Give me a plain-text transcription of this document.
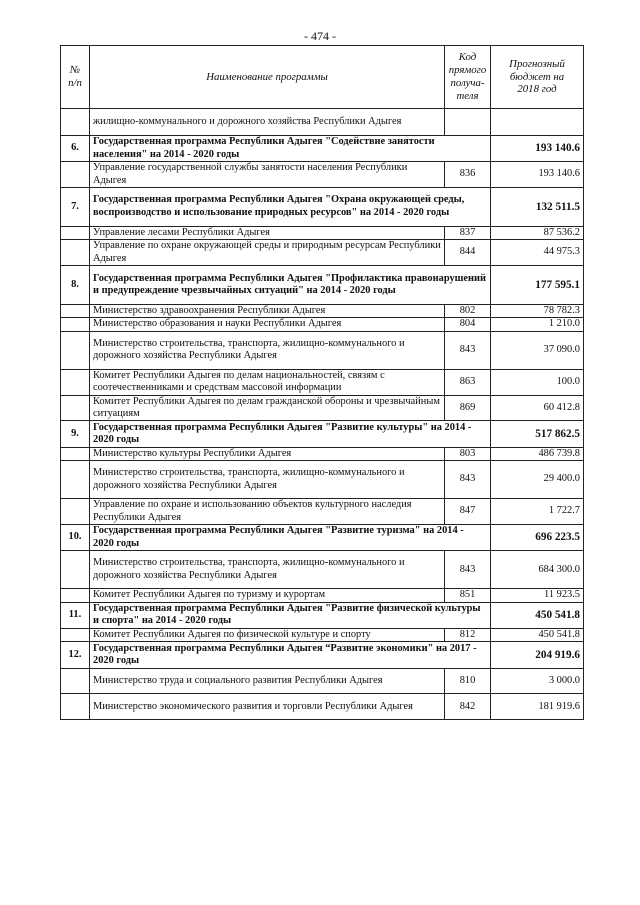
- 474 -
№
п/п	Наименование программы	Код
прямого
получа-
теля	Прогнозный
бюджет на
2018 год
	жилищно-коммунального и дорожного хозяйства Республики Адыгея		
6.	Государственная программа Республики Адыгея "Содействие занятости населения" на 2014 - 2020 годы		193 140.6
	Управление государственной службы занятости населения Республики Адыгея	836	193 140.6
7.	Государственная программа Республики Адыгея "Охрана окружающей среды, воспроизводство и использование природных ресурсов" на 2014 - 2020 годы		132 511.5
	Управление лесами Республики Адыгея	837	87 536.2
	Управление по охране окружающей среды и природным ресурсам Республики Адыгея	844	44 975.3
8.	Государственная программа Республики Адыгея "Профилактика правонарушений и предупреждение чрезвычайных ситуаций" на 2014 - 2020 годы		177 595.1
	Министерство здравоохранения Республики Адыгея	802	78 782.3
	Министерство образования и науки Республики Адыгея	804	1 210.0
	Министерство строительства, транспорта, жилищно-коммунального и дорожного хозяйства Республики Адыгея	843	37 090.0
	Комитет Республики Адыгея по делам национальностей, связям с соотечественниками и средствам массовой информации	863	100.0
	Комитет Республики Адыгея по делам гражданской обороны и чрезвычайным ситуациям	869	60 412.8
9.	Государственная программа Республики Адыгея "Развитие культуры" на 2014 - 2020 годы		517 862.5
	Министерство культуры Республики Адыгея	803	486 739.8
	Министерство строительства, транспорта, жилищно-коммунального и дорожного хозяйства Республики Адыгея	843	29 400.0
	Управление по охране и использованию объектов культурного наследия Республики Адыгея	847	1 722.7
10.	Государственная программа Республики Адыгея "Развитие туризма" на 2014 - 2020 годы		696 223.5
	Министерство строительства, транспорта, жилищно-коммунального и дорожного хозяйства Республики Адыгея	843	684 300.0
	Комитет Республики Адыгея по туризму и курортам	851	11 923.5
11.	Государственная программа Республики Адыгея "Развитие физической культуры и спорта" на 2014 - 2020 годы		450 541.8
	Комитет Республики Адыгея по физической культуре и спорту	812	450 541.8
12.	Государственная программа Республики Адыгея “Развитие экономики" на 2017 - 2020 годы		204 919.6
	Министерство труда и социального развития Республики Адыгея	810	3 000.0
	Министерство экономического развития и торговли Республики Адыгея	842	181 919.6
